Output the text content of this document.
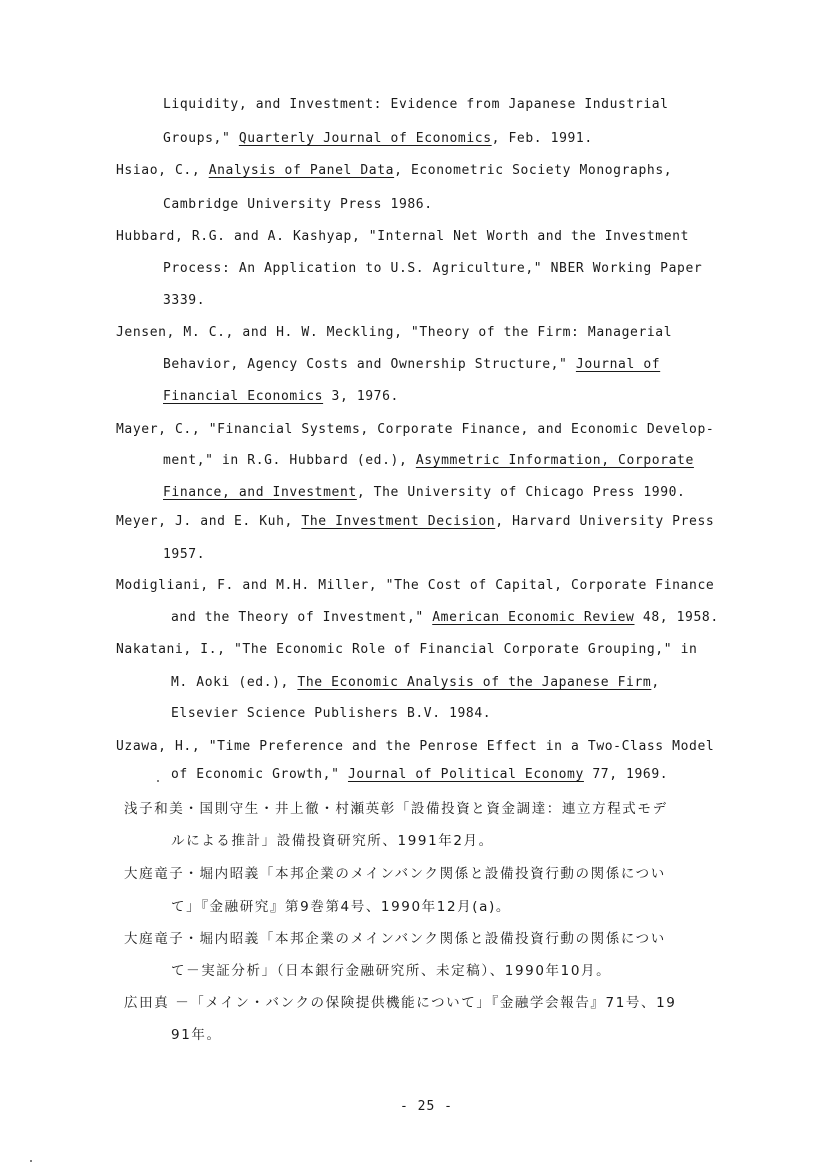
Liquidity, and Investment: Evidence from Japanese Industrial
Groups," Quarterly Journal of Economics, Feb. 1991.
Hsiao, C., Analysis of Panel Data, Econometric Society Monographs,
Cambridge University Press 1986.
Hubbard, R.G. and A. Kashyap, "Internal Net Worth and the Investment
Process: An Application to U.S. Agriculture," NBER Working Paper
3339.
Jensen, M. C., and H. W. Meckling, "Theory of the Firm: Managerial
Behavior, Agency Costs and Ownership Structure," Journal of
Financial Economics 3, 1976.
Mayer, C., "Financial Systems, Corporate Finance, and Economic Develop-
ment," in R.G. Hubbard (ed.), Asymmetric Information, Corporate
Finance, and Investment, The University of Chicago Press 1990.
Meyer, J. and E. Kuh, The Investment Decision, Harvard University Press
1957.
Modigliani, F. and M.H. Miller, "The Cost of Capital, Corporate Finance
and the Theory of Investment," American Economic Review 48, 1958.
Nakatani, I., "The Economic Role of Financial Corporate Grouping," in
M. Aoki (ed.), The Economic Analysis of the Japanese Firm,
Elsevier Science Publishers B.V. 1984.
Uzawa, H., "Time Preference and the Penrose Effect in a Two-Class Model
of Economic Growth," Journal of Political Economy 77, 1969.
浅子和美・国則守生・井上徹・村瀬英彰「設備投資と資金調達：連立方程式モデ
ルによる推計」設備投資研究所、1991年2月。
大庭竜子・堀内昭義「本邦企業のメインバンク関係と設備投資行動の関係につい
て」『金融研究』第9巻第4号、1990年12月(a)。
大庭竜子・堀内昭義「本邦企業のメインバンク関係と設備投資行動の関係につい
て－実証分析」（日本銀行金融研究所、未定稿）、1990年10月。
広田真 －「メイン・バンクの保険提供機能について」『金融学会報告』71号、19
91年。
- 25 -
